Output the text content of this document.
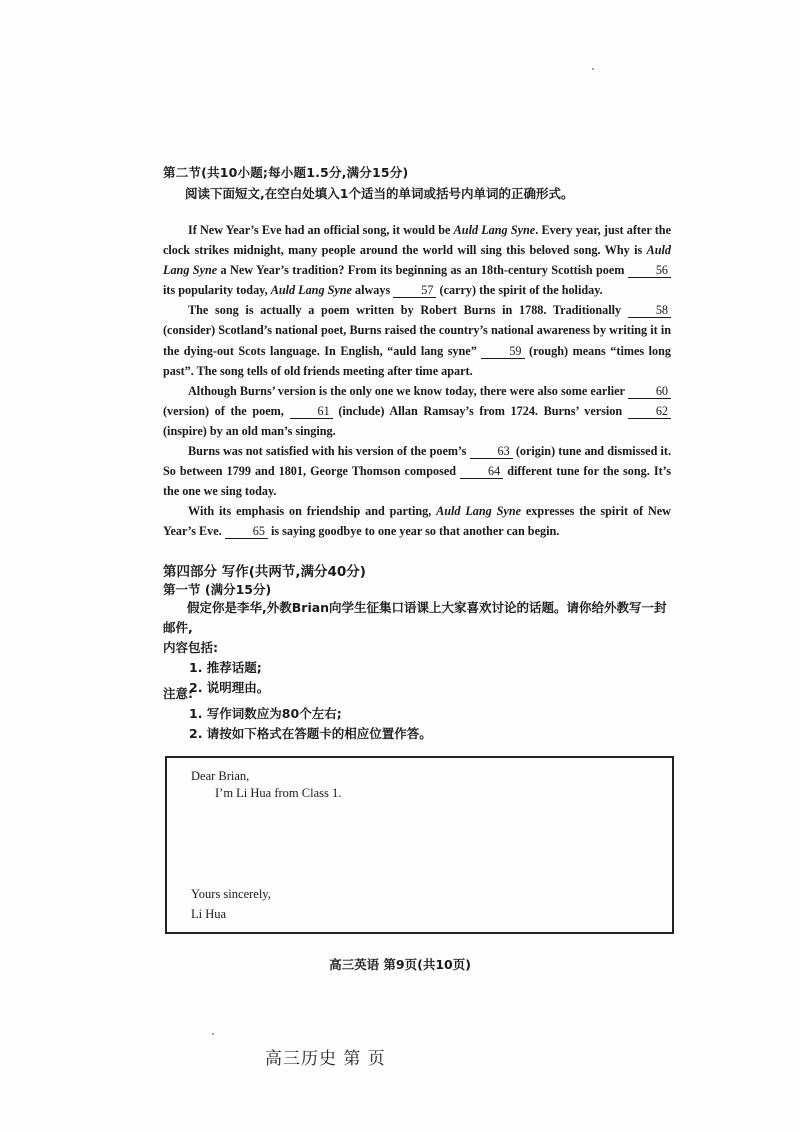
第二节(共10小题;每小题1.5分,满分15分)
阅读下面短文,在空白处填入1个适当的单词或括号内单词的正确形式。

If New Year’s Eve had an official song, it would be Auld Lang Syne. Every year, just after the clock strikes midnight, many people around the world will sing this beloved song. Why is Auld Lang Syne a New Year’s tradition? From its beginning as an 18th-century Scottish poem 56 its popularity today, Auld Lang Syne always 57 (carry) the spirit of the holiday.

The song is actually a poem written by Robert Burns in 1788. Traditionally 58 (consider) Scotland’s national poet, Burns raised the country’s national awareness by writing it in the dying-out Scots language. In English, “auld lang syne” 59 (rough) means “times long past”. The song tells of old friends meeting after time apart.

Although Burns’ version is the only one we know today, there were also some earlier 60 (version) of the poem, 61 (include) Allan Ramsay’s from 1724. Burns’ version 62 (inspire) by an old man’s singing.

Burns was not satisfied with his version of the poem’s 63 (origin) tune and dismissed it. So between 1799 and 1801, George Thomson composed 64 different tune for the song. It’s the one we sing today.

With its emphasis on friendship and parting, Auld Lang Syne expresses the spirit of New Year’s Eve. 65 is saying goodbye to one year so that another can begin.

第四部分 写作(共两节,满分40分)
第一节 (满分15分)
假定你是李华,外教Brian向学生征集口语课上大家喜欢讨论的话题。请你给外教写一封邮件,
内容包括:
1. 推荐话题;
2. 说明理由。
注意:
1. 写作词数应为80个左右;
2. 请按如下格式在答题卡的相应位置作答。
Dear Brian,
I’m Li Hua from Class 1.
Yours sincerely,
Li Hua
高三英语 第9页(共10页)
高三历史 第 页
